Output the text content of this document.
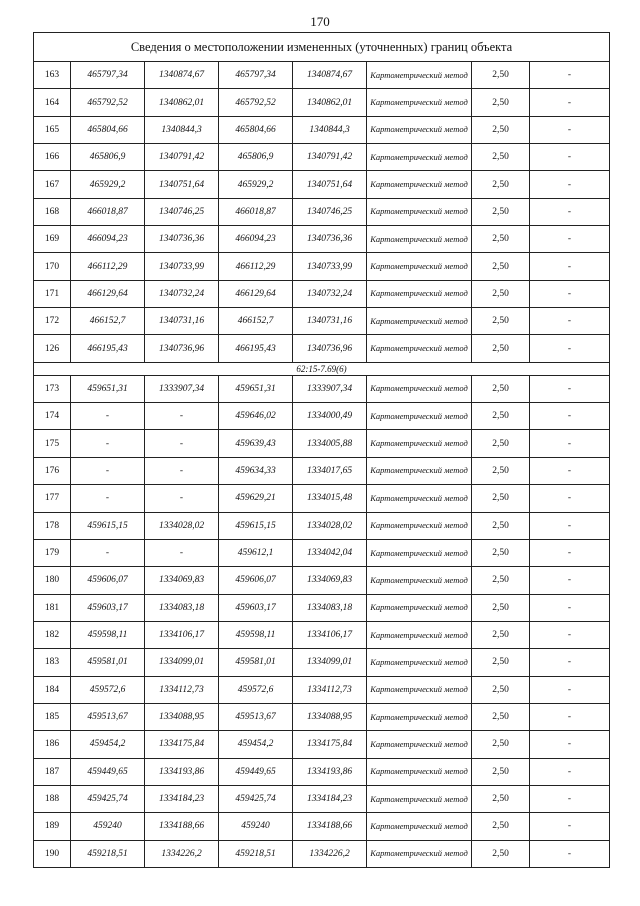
170
Сведения о местоположении измененных (уточненных) границ объекта							
163	465797,34	1340874,67	465797,34	1340874,67	Картометрический метод	2,50	-
164	465792,52	1340862,01	465792,52	1340862,01	Картометрический метод	2,50	-
165	465804,66	1340844,3	465804,66	1340844,3	Картометрический метод	2,50	-
166	465806,9	1340791,42	465806,9	1340791,42	Картометрический метод	2,50	-
167	465929,2	1340751,64	465929,2	1340751,64	Картометрический метод	2,50	-
168	466018,87	1340746,25	466018,87	1340746,25	Картометрический метод	2,50	-
169	466094,23	1340736,36	466094,23	1340736,36	Картометрический метод	2,50	-
170	466112,29	1340733,99	466112,29	1340733,99	Картометрический метод	2,50	-
171	466129,64	1340732,24	466129,64	1340732,24	Картометрический метод	2,50	-
172	466152,7	1340731,16	466152,7	1340731,16	Картометрический метод	2,50	-
126	466195,43	1340736,96	466195,43	1340736,96	Картометрический метод	2,50	-
62:15-7.69(6)							
173	459651,31	1333907,34	459651,31	1333907,34	Картометрический метод	2,50	-
174	-	-	459646,02	1334000,49	Картометрический метод	2,50	-
175	-	-	459639,43	1334005,88	Картометрический метод	2,50	-
176	-	-	459634,33	1334017,65	Картометрический метод	2,50	-
177	-	-	459629,21	1334015,48	Картометрический метод	2,50	-
178	459615,15	1334028,02	459615,15	1334028,02	Картометрический метод	2,50	-
179	-	-	459612,1	1334042,04	Картометрический метод	2,50	-
180	459606,07	1334069,83	459606,07	1334069,83	Картометрический метод	2,50	-
181	459603,17	1334083,18	459603,17	1334083,18	Картометрический метод	2,50	-
182	459598,11	1334106,17	459598,11	1334106,17	Картометрический метод	2,50	-
183	459581,01	1334099,01	459581,01	1334099,01	Картометрический метод	2,50	-
184	459572,6	1334112,73	459572,6	1334112,73	Картометрический метод	2,50	-
185	459513,67	1334088,95	459513,67	1334088,95	Картометрический метод	2,50	-
186	459454,2	1334175,84	459454,2	1334175,84	Картометрический метод	2,50	-
187	459449,65	1334193,86	459449,65	1334193,86	Картометрический метод	2,50	-
188	459425,74	1334184,23	459425,74	1334184,23	Картометрический метод	2,50	-
189	459240	1334188,66	459240	1334188,66	Картометрический метод	2,50	-
190	459218,51	1334226,2	459218,51	1334226,2	Картометрический метод	2,50	-
